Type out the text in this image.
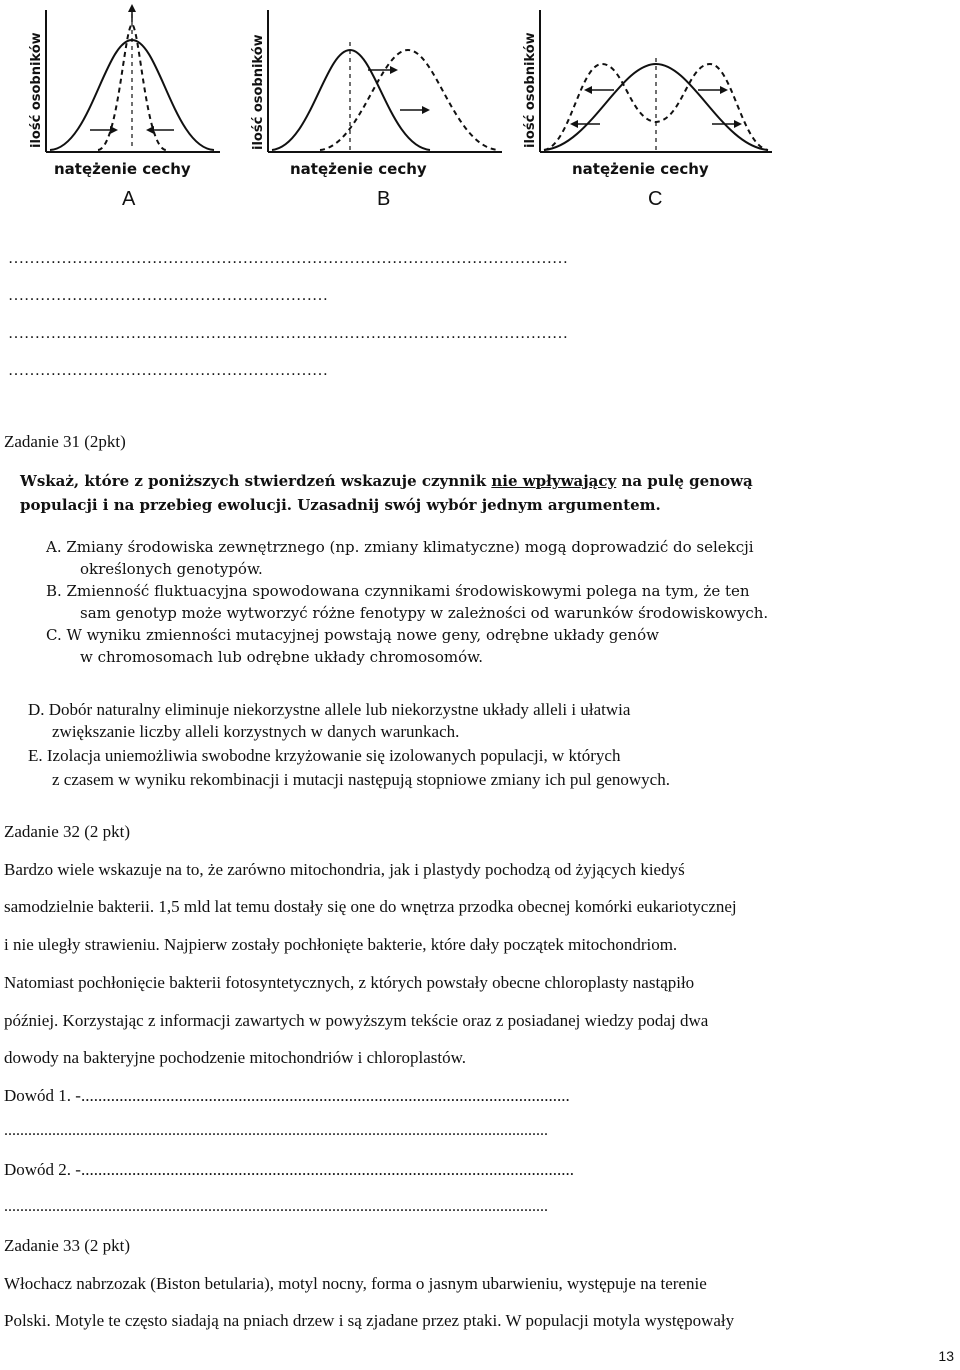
ilość osobników
natężenie cechy
A
ilość osobników
natężenie cechy
B
ilość osobników
natężenie cechy
C
……………………………………………………………………………………………
……………………………………………………
……………………………………………………………………………………………
……………………………………………………
Zadanie 31 (2pkt)
Wskaż, które z poniższych stwierdzeń wskazuje czynnik nie wpływający na pulę genową
populacji i na przebieg ewolucji. Uzasadnij swój wybór jednym argumentem.
A. Zmiany środowiska zewnętrznego (np. zmiany klimatyczne) mogą doprowadzić do selekcji
określonych genotypów.
B. Zmienność fluktuacyjna spowodowana czynnikami środowiskowymi polega na tym, że ten
sam genotyp może wytworzyć różne fenotypy w zależności od warunków środowiskowych.
C. W wyniku zmienności mutacyjnej powstają nowe geny, odrębne układy genów
w chromosomach lub odrębne układy chromosomów.
D. Dobór naturalny eliminuje niekorzystne allele lub niekorzystne układy alleli i ułatwia
zwiększanie liczby alleli korzystnych w danych warunkach.
E. Izolacja uniemożliwia swobodne krzyżowanie się izolowanych populacji, w których
z czasem w wyniku rekombinacji i mutacji następują stopniowe zmiany ich pul genowych.
Zadanie 32 (2 pkt)
Bardzo wiele wskazuje na to, że zarówno mitochondria, jak i plastydy pochodzą od żyjących kiedyś
samodzielnie bakterii. 1,5 mld lat temu dostały się one do wnętrza przodka obecnej komórki eukariotycznej
i nie uległy strawieniu. Najpierw zostały pochłonięte bakterie, które dały początek mitochondriom.
Natomiast pochłonięcie bakterii fotosyntetycznych, z których powstały obecne chloroplasty nastąpiło
później. Korzystając z informacji zawartych w powyższym tekście oraz z posiadanej wiedzy podaj dwa
dowody na bakteryjne pochodzenie mitochondriów i chloroplastów.
Dowód 1. -...................................................................................................................
........................................................................................................................................
Dowód 2. -....................................................................................................................
........................................................................................................................................
Zadanie 33 (2 pkt)
Włochacz nabrzozak (Biston betularia), motyl nocny, forma o jasnym ubarwieniu, występuje na terenie
Polski. Motyle te często siadają na pniach drzew i są zjadane przez ptaki. W populacji motyla występowały
13
